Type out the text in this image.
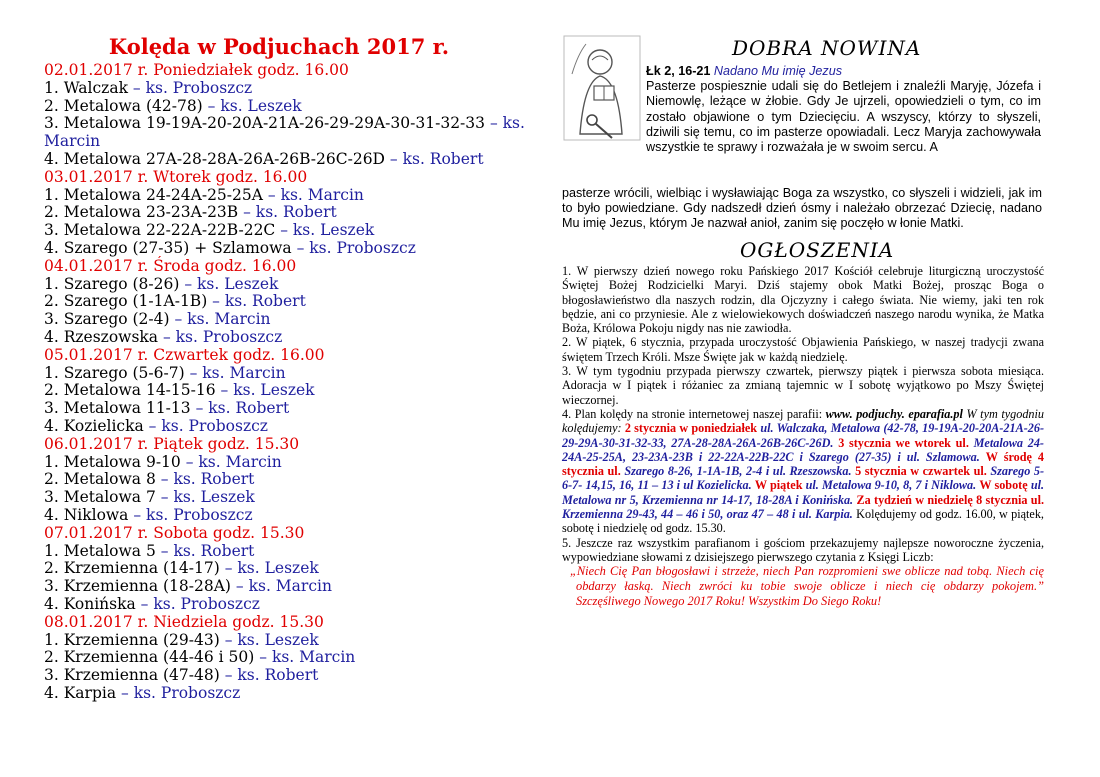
Kolęda w Podjuchach 2017 r.
02.01.2017 r. Poniedziałek godz. 16.00
1. Walczak – ks. Proboszcz
2. Metalowa (42-78) – ks. Leszek
3. Metalowa 19-19A-20-20A-21A-26-29-29A-30-31-32-33 – ks. Marcin
4. Metalowa 27A-28-28A-26A-26B-26C-26D – ks. Robert
03.01.2017 r. Wtorek godz. 16.00
1. Metalowa 24-24A-25-25A – ks. Marcin
2. Metalowa 23-23A-23B – ks. Robert
3. Metalowa 22-22A-22B-22C – ks. Leszek
4. Szarego (27-35) + Szlamowa – ks. Proboszcz
04.01.2017 r. Środa godz. 16.00
1. Szarego (8-26) – ks. Leszek
2. Szarego (1-1A-1B) – ks. Robert
3. Szarego (2-4) – ks. Marcin
4. Rzeszowska – ks. Proboszcz
05.01.2017 r. Czwartek godz. 16.00
1. Szarego (5-6-7) – ks. Marcin
2. Metalowa 14-15-16 – ks. Leszek
3. Metalowa 11-13 – ks. Robert
4. Kozielicka – ks. Proboszcz
06.01.2017 r. Piątek godz. 15.30
1. Metalowa 9-10 – ks. Marcin
2. Metalowa 8 – ks. Robert
3. Metalowa 7 – ks. Leszek
4. Niklowa – ks. Proboszcz
07.01.2017 r. Sobota godz. 15.30
1. Metalowa 5 – ks. Robert
2. Krzemienna (14-17) – ks. Leszek
3. Krzemienna (18-28A) – ks. Marcin
4. Konińska – ks. Proboszcz
08.01.2017 r. Niedziela godz. 15.30
1. Krzemienna (29-43) – ks. Leszek
2. Krzemienna (44-46 i 50) – ks. Marcin
3. Krzemienna (47-48) – ks. Robert
4. Karpia – ks. Proboszcz
DOBRA NOWINA
Łk 2, 16-21 Nadano Mu imię Jezus
Pasterze pospiesznie udali się do Betlejem i znaleźli Maryję, Józefa i Niemowlę, leżące w żłobie. Gdy Je ujrzeli, opowiedzieli o tym, co im zostało objawione o tym Dziecięciu. A wszyscy, którzy to słyszeli, dziwili się temu, co im pasterze opowiadali. Lecz Maryja zachowywała wszystkie te sprawy i rozważała je w swoim sercu. A
pasterze wrócili, wielbiąc i wysławiając Boga za wszystko, co słyszeli i widzieli, jak im to było powiedziane. Gdy nadszedł dzień ósmy i należało obrzezać Dziecię, nadano Mu imię Jezus, którym Je nazwał anioł, zanim się poczęło w łonie Matki.
OGŁOSZENIA

1. W pierwszy dzień nowego roku Pańskiego 2017 Kościół celebruje liturgiczną uroczystość Świętej Bożej Rodzicielki Maryi. Dziś stajemy obok Matki Bożej, prosząc Boga o błogosławieństwo dla naszych rodzin, dla Ojczyzny i całego świata. Nie wiemy, jaki ten rok będzie, ani co przyniesie. Ale z wielowiekowych doświadczeń naszego narodu wynika, że Matka Boża, Królowa Pokoju nigdy nas nie zawiodła.

2. W piątek, 6 stycznia, przypada uroczystość Objawienia Pańskiego, w naszej tradycji zwana świętem Trzech Króli. Msze Święte jak w każdą niedzielę.

3. W tym tygodniu przypada pierwszy czwartek, pierwszy piątek i pierwsza sobota miesiąca. Adoracja w I piątek i różaniec za zmianą tajemnic w I sobotę wyjątkowo po Mszy Świętej wieczornej.

4. Plan kolędy na stronie internetowej naszej parafii: www. podjuchy. eparafia.pl W tym tygodniu kolędujemy: 2 stycznia w poniedziałek ul. Walczaka, Metalowa (42-78, 19-19A-20-20A-21A-26-29-29A-30-31-32-33, 27A-28-28A-26A-26B-26C-26D. 3 stycznia we wtorek ul. Metalowa 24-24A-25-25A, 23-23A-23B i 22-22A-22B-22C i Szarego (27-35) i ul. Szlamowa. W środę 4 stycznia ul. Szarego 8-26, 1-1A-1B, 2-4 i ul. Rzeszowska. 5 stycznia w czwartek ul. Szarego 5-6-7- 14,15, 16, 11 – 13 i ul Kozielicka. W piątek ul. Metalowa 9-10, 8, 7 i Niklowa. W sobotę ul. Metalowa nr 5, Krzemienna nr 14-17, 18-28A i Konińska. Za tydzień w niedzielę 8 stycznia ul. Krzemienna 29-43, 44 – 46 i 50, oraz 47 – 48 i ul. Karpia. Kolędujemy od godz. 16.00, w piątek, sobotę i niedzielę od godz. 15.30.

5. Jeszcze raz wszystkim parafianom i gościom przekazujemy najlepsze noworoczne życzenia, wypowiedziane słowami z dzisiejszego pierwszego czytania z Księgi Liczb:

„Niech Cię Pan błogosławi i strzeże, niech Pan rozpromieni swe oblicze nad tobą. Niech cię obdarzy łaską. Niech zwróci ku tobie swoje oblicze i niech cię obdarzy pokojem.” Szczęśliwego Nowego 2017 Roku! Wszystkim Do Siego Roku!
